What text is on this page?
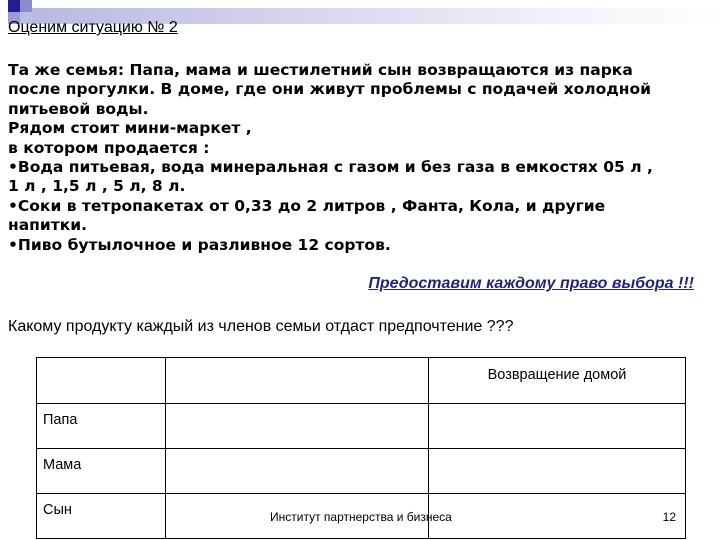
Оценим ситуацию № 2
Та же семья: Папа, мама и шестилетний сын возвращаются из парка
после прогулки. В доме, где они живут проблемы с подачей холодной
питьевой воды.
Рядом стоит мини-маркет ,
в котором продается :
•Вода питьевая, вода минеральная с газом и без газа в емкостях 05 л ,
1 л , 1,5 л , 5 л, 8 л.
•Соки в тетропакетах от 0,33 до 2 литров , Фанта, Кола, и другие
напитки.
•Пиво бутылочное и разливное 12 сортов.
Предоставим каждому право выбора !!!
Какому продукту каждый из членов семьи отдаст предпочтение ???
		Возвращение домой
Папа		
Мама		
Сын			Институт партнерства и бизнеса	12
